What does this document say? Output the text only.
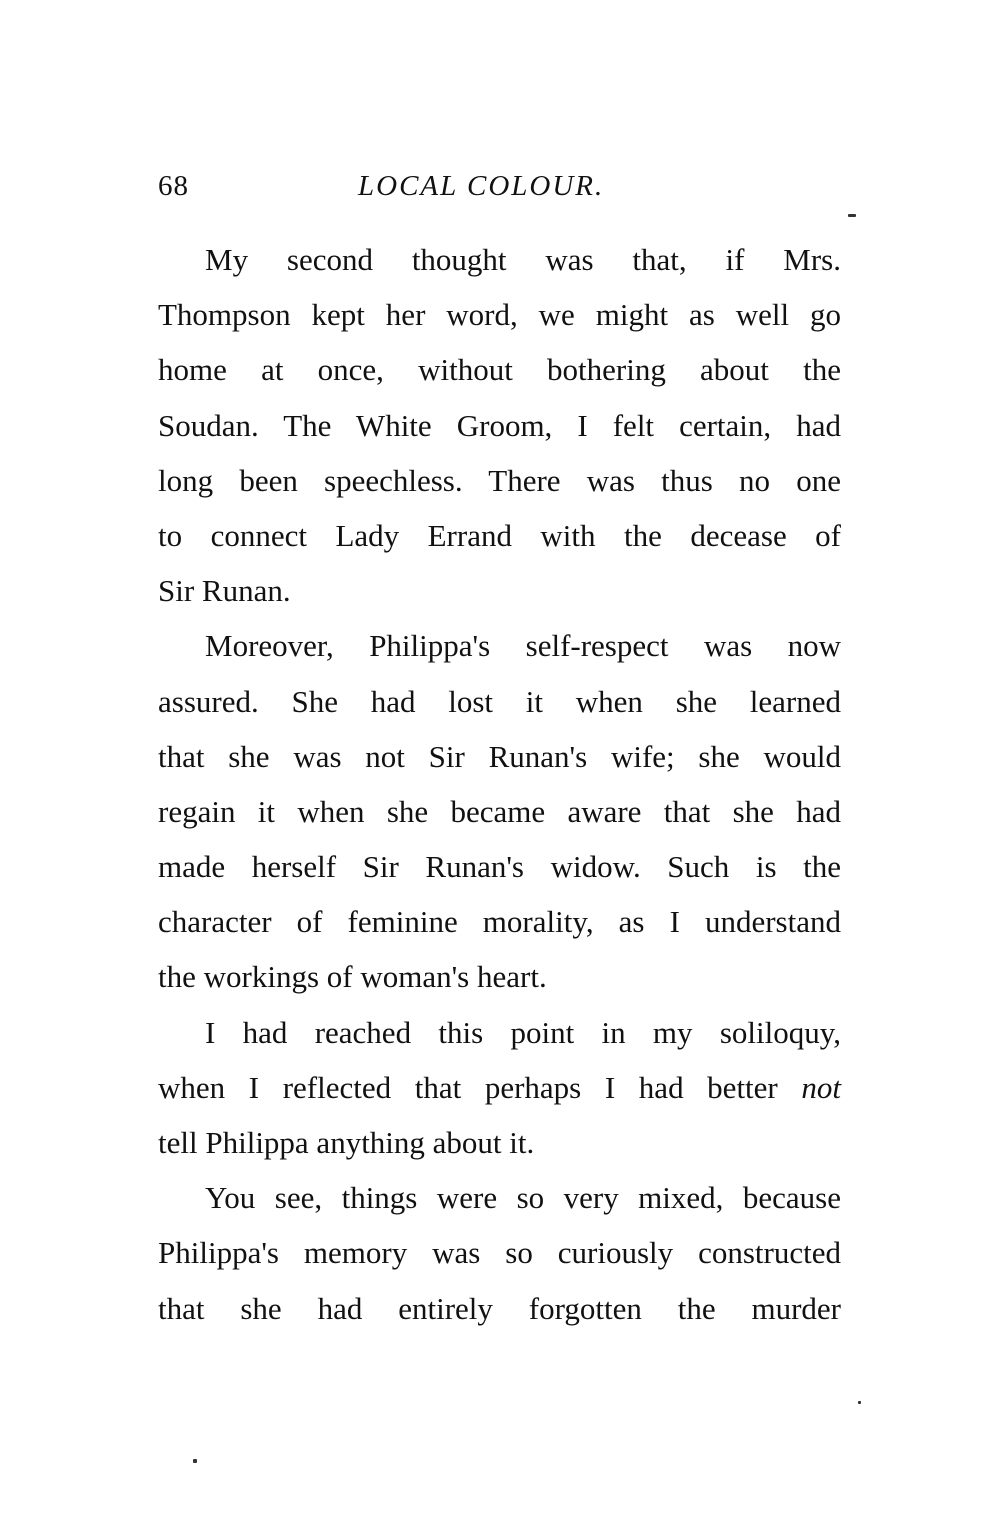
68	LOCAL COLOUR.
My second thought was that, if Mrs.
Thompson kept her word, we might as well go
home at once, without bothering about the
Soudan. The White Groom, I felt certain, had
long been speechless. There was thus no one
to connect Lady Errand with the decease of
Sir Runan.
Moreover, Philippa's self-respect was now
assured. She had lost it when she learned
that she was not Sir Runan's wife; she would
regain it when she became aware that she had
made herself Sir Runan's widow. Such is the
character of feminine morality, as I understand
the workings of woman's heart.
I had reached this point in my soliloquy,
when I reflected that perhaps I had better not
tell Philippa anything about it.
You see, things were so very mixed, because
Philippa's memory was so curiously constructed
that she had entirely forgotten the murder
